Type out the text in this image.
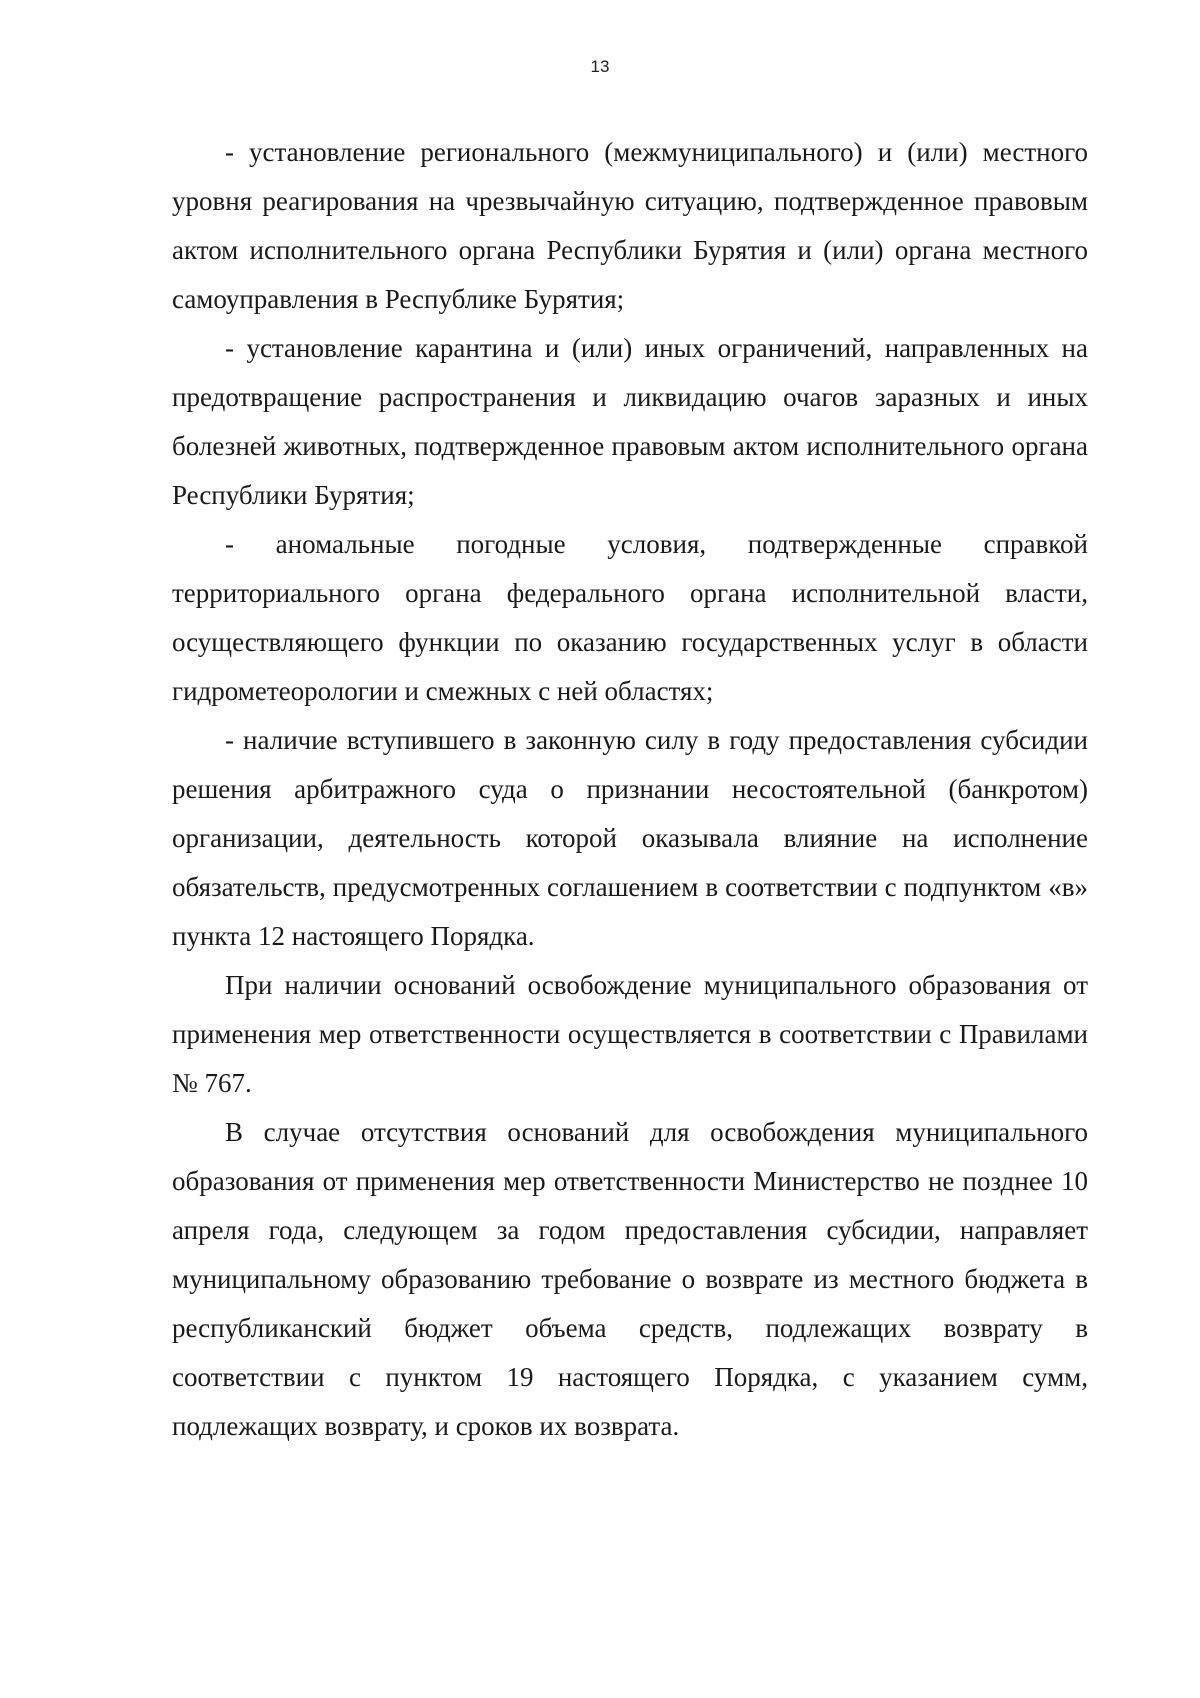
13

- установление регионального (межмуниципального) и (или) местного уровня реагирования на чрезвычайную ситуацию, подтвержденное правовым актом исполнительного органа Республики Бурятия и (или) органа местного самоуправления в Республике Бурятия;

- установление карантина и (или) иных ограничений, направленных на предотвращение распространения и ликвидацию очагов заразных и иных болезней животных, подтвержденное правовым актом исполнительного органа Республики Бурятия;

- аномальные погодные условия, подтвержденные справкой территориального органа федерального органа исполнительной власти, осуществляющего функции по оказанию государственных услуг в области гидрометеорологии и смежных с ней областях;

- наличие вступившего в законную силу в году предоставления субсидии решения арбитражного суда о признании несостоятельной (банкротом) организации, деятельность которой оказывала влияние на исполнение обязательств, предусмотренных соглашением в соответствии с подпунктом «в» пункта 12 настоящего Порядка.

При наличии оснований освобождение муниципального образования от применения мер ответственности осуществляется в соответствии с Правилами № 767.

В случае отсутствия оснований для освобождения муниципального образования от применения мер ответственности Министерство не позднее 10 апреля года, следующем за годом предоставления субсидии, направляет муниципальному образованию требование о возврате из местного бюджета в республиканский бюджет объема средств, подлежащих возврату в соответствии с пунктом 19 настоящего Порядка, с указанием сумм, подлежащих возврату, и сроков их возврата.
